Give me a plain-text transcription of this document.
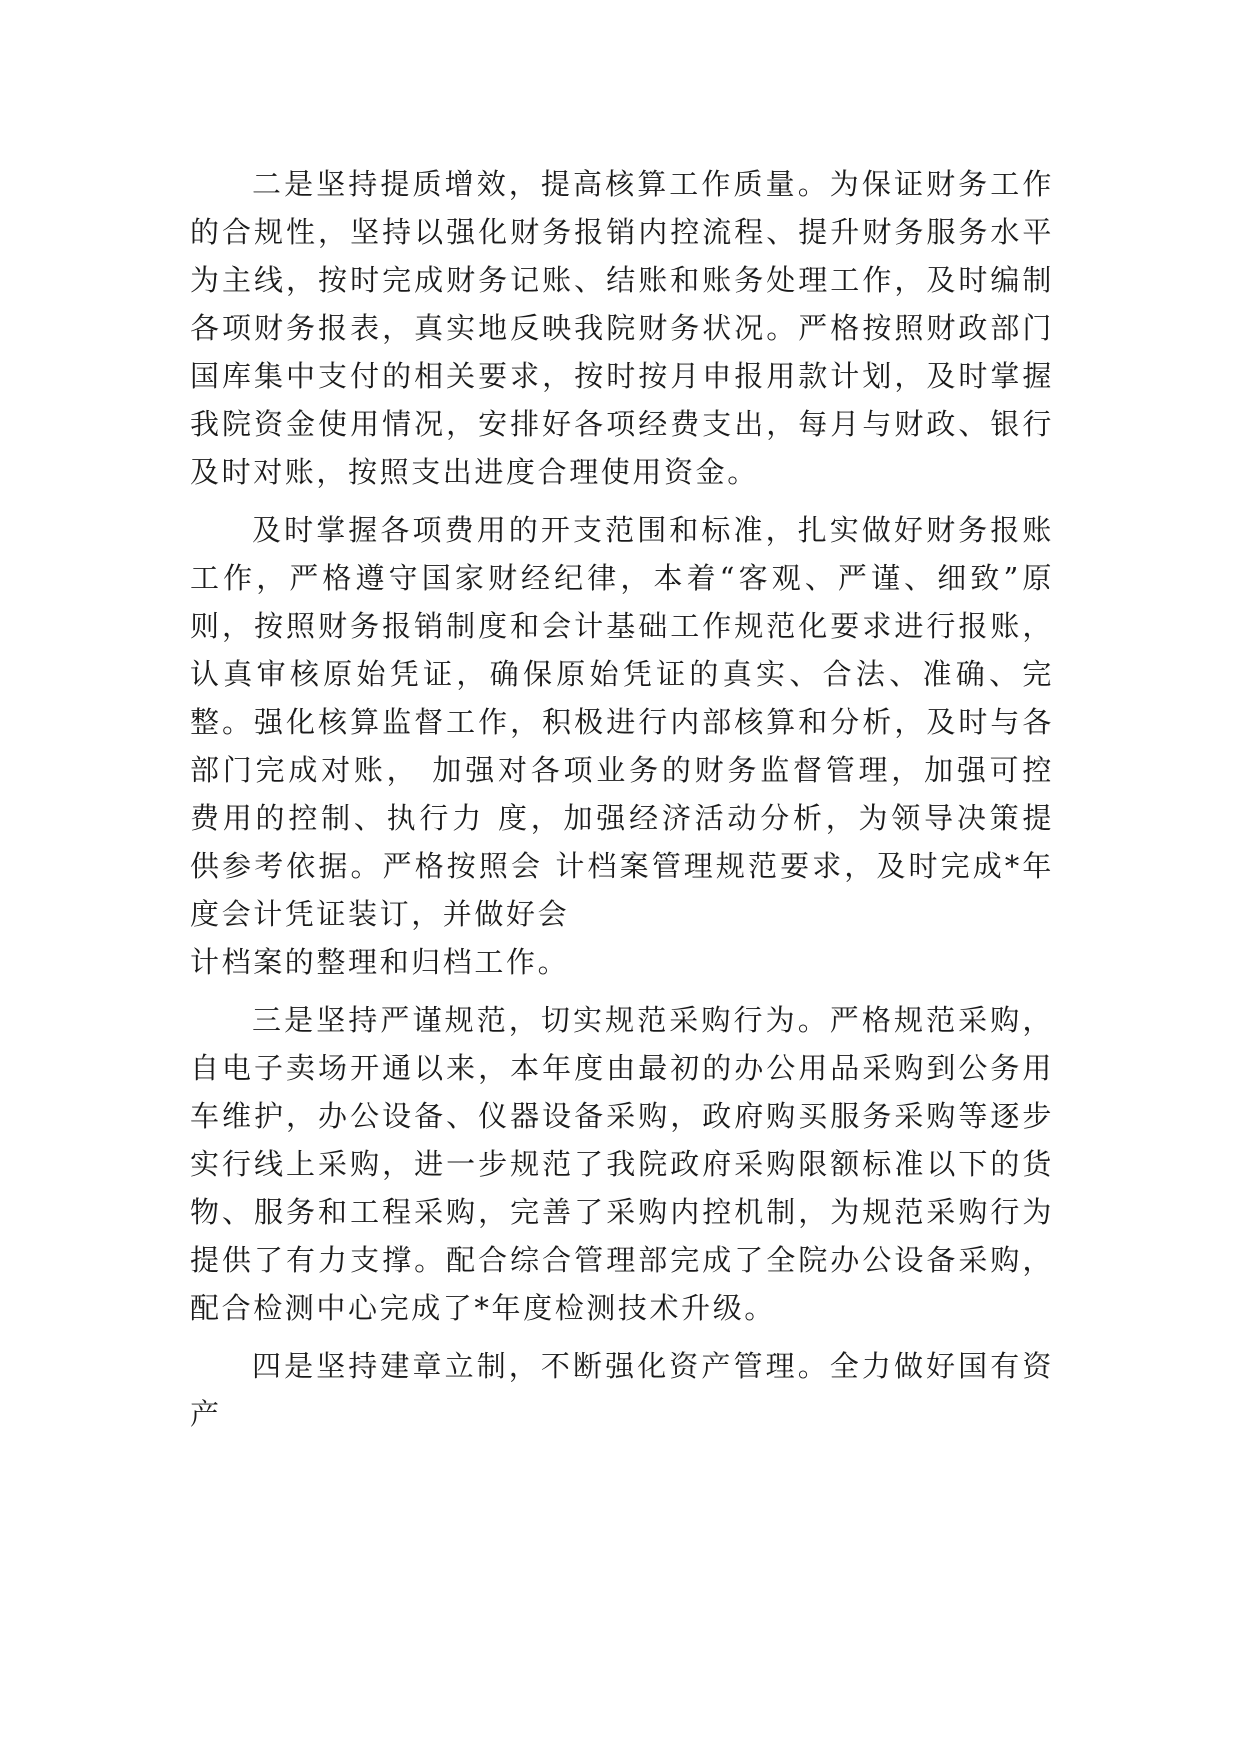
二是坚持提质增效，提高核算工作质量。为保证财务工作的合规性，坚持以强化财务报销内控流程、提升财务服务水平为主线，按时完成财务记账、结账和账务处理工作，及时编制各项财务报表，真实地反映我院财务状况。严格按照财政部门国库集中支付的相关要求，按时按月申报用款计划，及时掌握我院资金使用情况，安排好各项经费支出，每月与财政、银行及时对账，按照支出进度合理使用资金。

及时掌握各项费用的开支范围和标准，扎实做好财务报账工作，严格遵守国家财经纪律，本着“客观、严谨、细致”原则，按照财务报销制度和会计基础工作规范化要求进行报账，认真审核原始凭证，确保原始凭证的真实、合法、准确、完整。强化核算监督工作，积极进行内部核算和分析，及时与各部门完成对账， 加强对各项业务的财务监督管理，加强可控费用的控制、执行力 度，加强经济活动分析，为领导决策提供参考依据。严格按照会 计档案管理规范要求，及时完成*年度会计凭证装订，并做好会

计档案的整理和归档工作。

三是坚持严谨规范，切实规范采购行为。严格规范采购，自电子卖场开通以来，本年度由最初的办公用品采购到公务用车维护，办公设备、仪器设备采购，政府购买服务采购等逐步实行线上采购，进一步规范了我院政府采购限额标准以下的货物、服务和工程采购，完善了采购内控机制，为规范采购行为提供了有力支撑。配合综合管理部完成了全院办公设备采购，配合检测中心完成了*年度检测技术升级。

四是坚持建章立制，不断强化资产管理。全力做好国有资产
